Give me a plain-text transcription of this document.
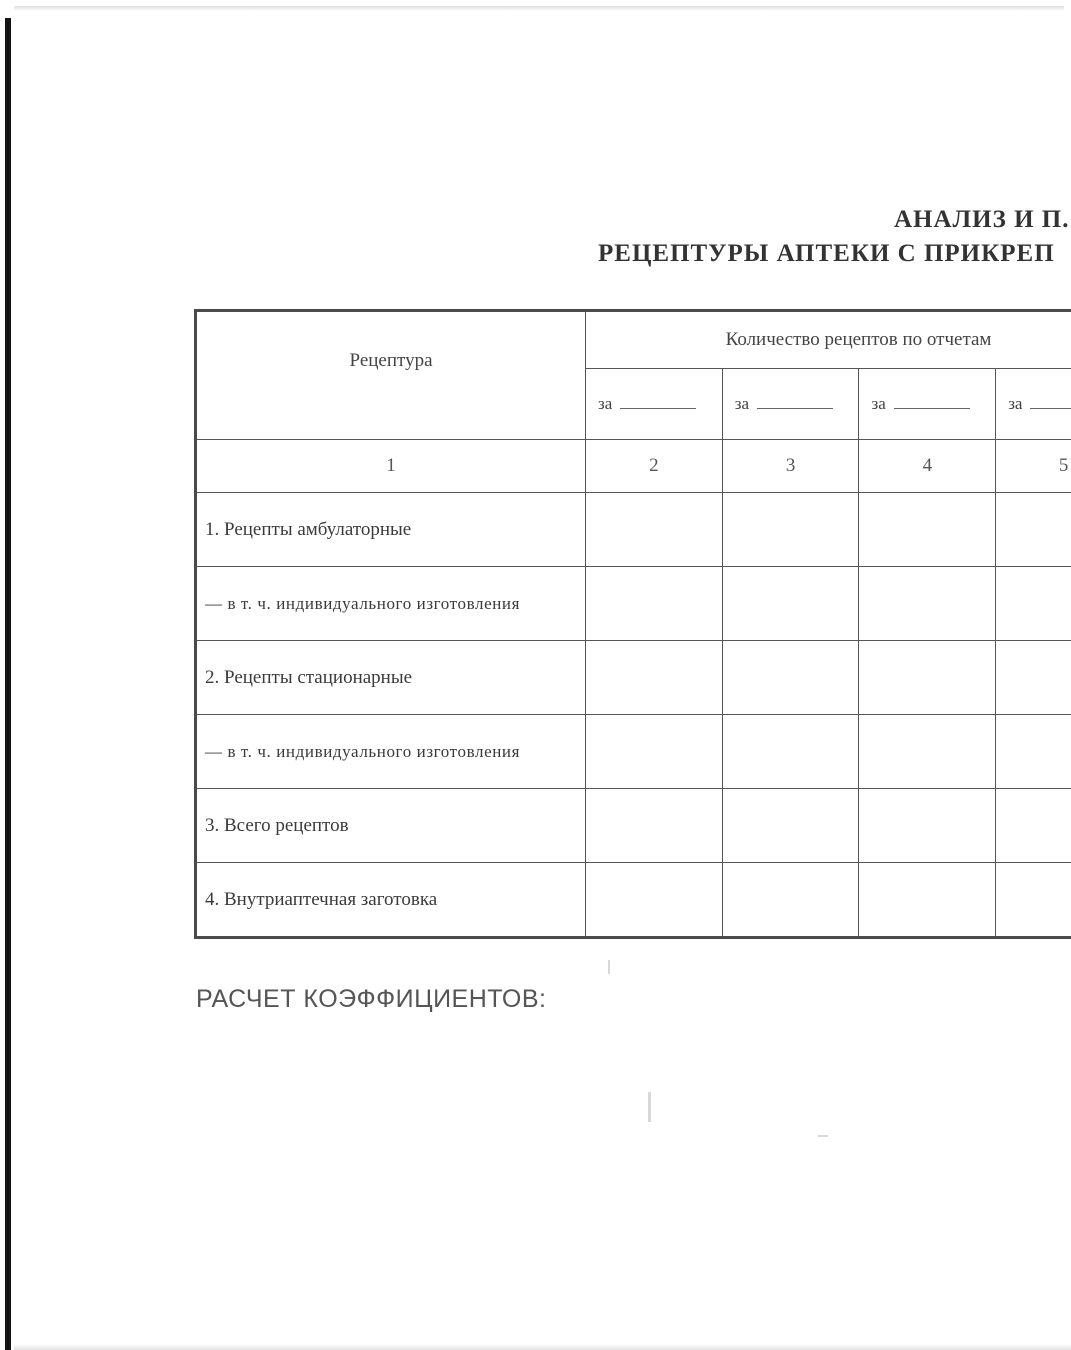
АНАЛИЗ И П.
РЕЦЕПТУРЫ АПТЕКИ С ПРИКРЕП
Рецептура	Количество рецептов по отчетам			
	за	за	за	за
1	2	3	4	5
1. Рецепты амбулаторные				
— в т. ч. индивидуального изготовления				
2. Рецепты стационарные				
— в т. ч. индивидуального изготовления				
3. Всего рецептов				
4. Внутриаптечная заготовка				
РАСЧЕТ КОЭФФИЦИЕНТОВ:
